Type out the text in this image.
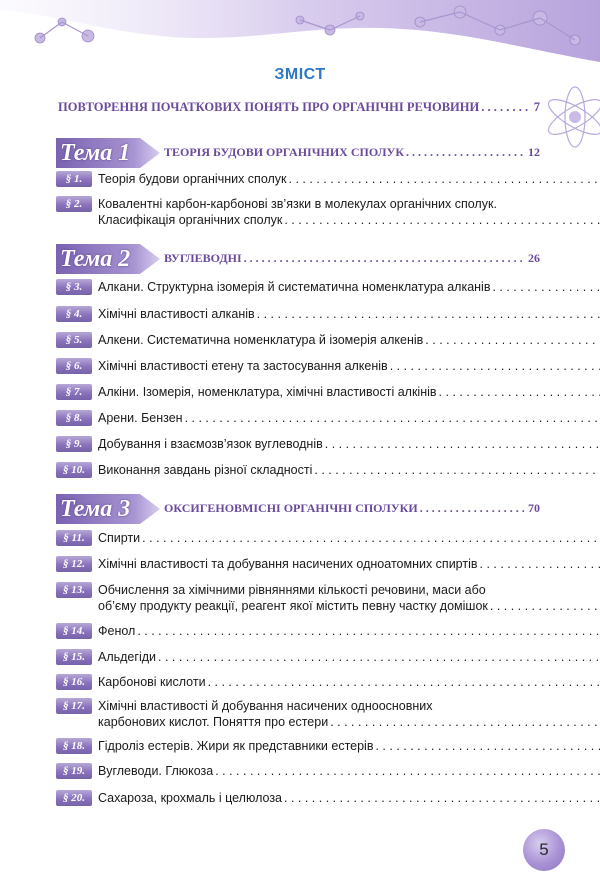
ЗМІСТ
ПОВТОРЕННЯ ПОЧАТКОВИХ ПОНЯТЬ ПРО ОРГАНІЧНІ РЕЧОВИНИ . . .	7
Тема 1	ТЕОРІЯ БУДОВИ ОРГАНІЧНИХ СПОЛУК . . .	12
§ 1.	Теорія будови органічних сполук
. . .
§ 2.	Ковалентні карбон-карбонові зв’язки в молекулах органічних сполук.
Класифікація органічних сполук
. . .
Тема 2	ВУГЛЕВОДНІ . . .	26
§ 3.	Алкани. Структурна ізомерія й систематична номенклатура алканів
. . .
§ 4.	Хімічні властивості алканів
. . .
§ 5.	Алкени. Систематична номенклатура й ізомерія алкенів
. . .
§ 6.	Хімічні властивості етену та застосування алкенів
. . .
§ 7.	Алкіни. Ізомерія, номенклатура, хімічні властивості алкінів
. . .
§ 8.	Арени. Бензен
. . .
§ 9.	Добування і взаємозв’язок вуглеводнів
. . .
§ 10.	Виконання завдань різної складності
. . .
Тема 3	ОКСИГЕНОВМІСНІ ОРГАНІЧНІ СПОЛУКИ . . .	70
§ 11.	Спирти
. . .
§ 12.	Хімічні властивості та добування насичених одноатомних спиртів
. . .
§ 13.	Обчислення за хімічними рівняннями кількості речовини, маси або
об’єму продукту реакції, реагент якої містить певну частку домішок
. . .
§ 14.	Фенол
. . .
§ 15.	Альдегіди
. . .
§ 16.	Карбонові кислоти
. . .
§ 17.	Хімічні властивості й добування насичених одноосновних
карбонових кислот. Поняття про естери
. . .
§ 18.	Гідроліз естерів. Жири як представники естерів
. . .
§ 19.	Вуглеводи. Глюкоза
. . .
§ 20.	Сахароза, крохмаль і целюлоза
. . .
5
